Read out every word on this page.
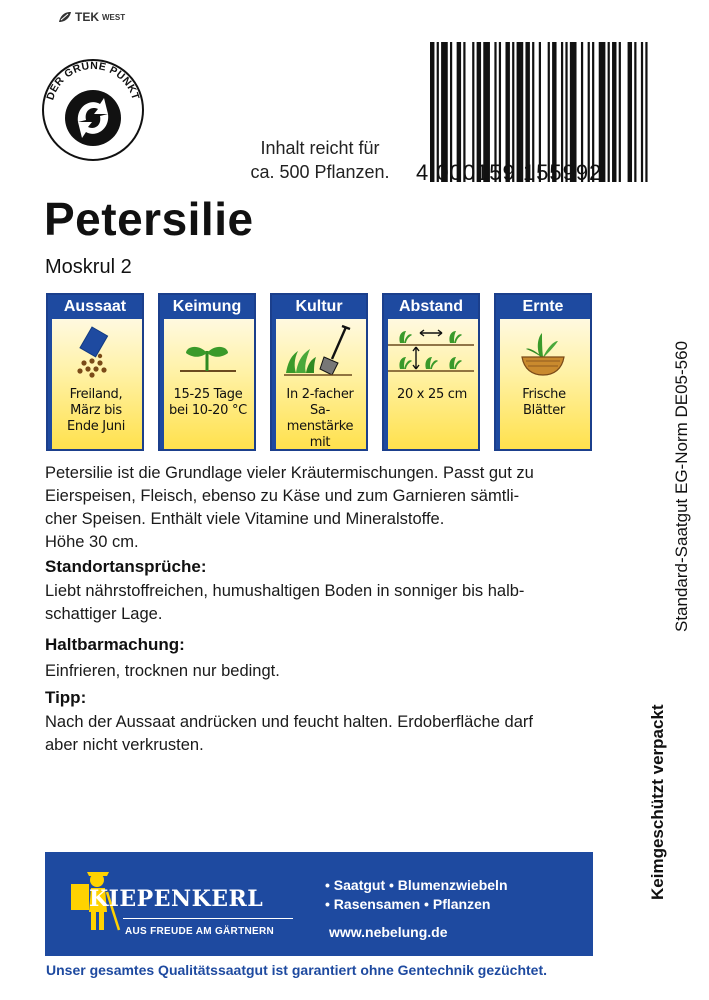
TEK WEST
DER GRÜNE PUNKT
Inhalt reicht für
ca. 500 Pflanzen.	4 000159 155992
Petersilie
Moskrul 2
Aussaat
Freiland,
März bis
Ende Juni
Keimung
15-25 Tage
bei 10-20 °C
Kultur
In 2-facher Sa-
menstärke mit
Abstand
20 x 25 cm
Ernte
Frische
Blätter
Petersilie ist die Grundlage vieler Kräutermischungen. Passt gut zu
Eierspeisen, Fleisch, ebenso zu Käse und zum Garnieren sämtli-
cher Speisen. Enthält viele Vitamine und Mineralstoffe.
Höhe 30 cm.
Standortansprüche:
Liebt nährstoffreichen, humushaltigen Boden in sonniger bis halb-
schattiger Lage.
Haltbarmachung:
Einfrieren, trocknen nur bedingt.
Tipp:
Nach der Aussaat andrücken und feucht halten. Erdoberfläche darf
aber nicht verkrusten.
Standard-Saatgut EG-Norm DE05-560
Keimgeschützt verpackt
KIEPENKERL
AUS FREUDE AM GÄRTNERN
• Saatgut • Blumenzwiebeln
• Rasensamen • Pflanzen
www.nebelung.de
Unser gesamtes Qualitätssaatgut ist garantiert ohne Gentechnik gezüchtet.
